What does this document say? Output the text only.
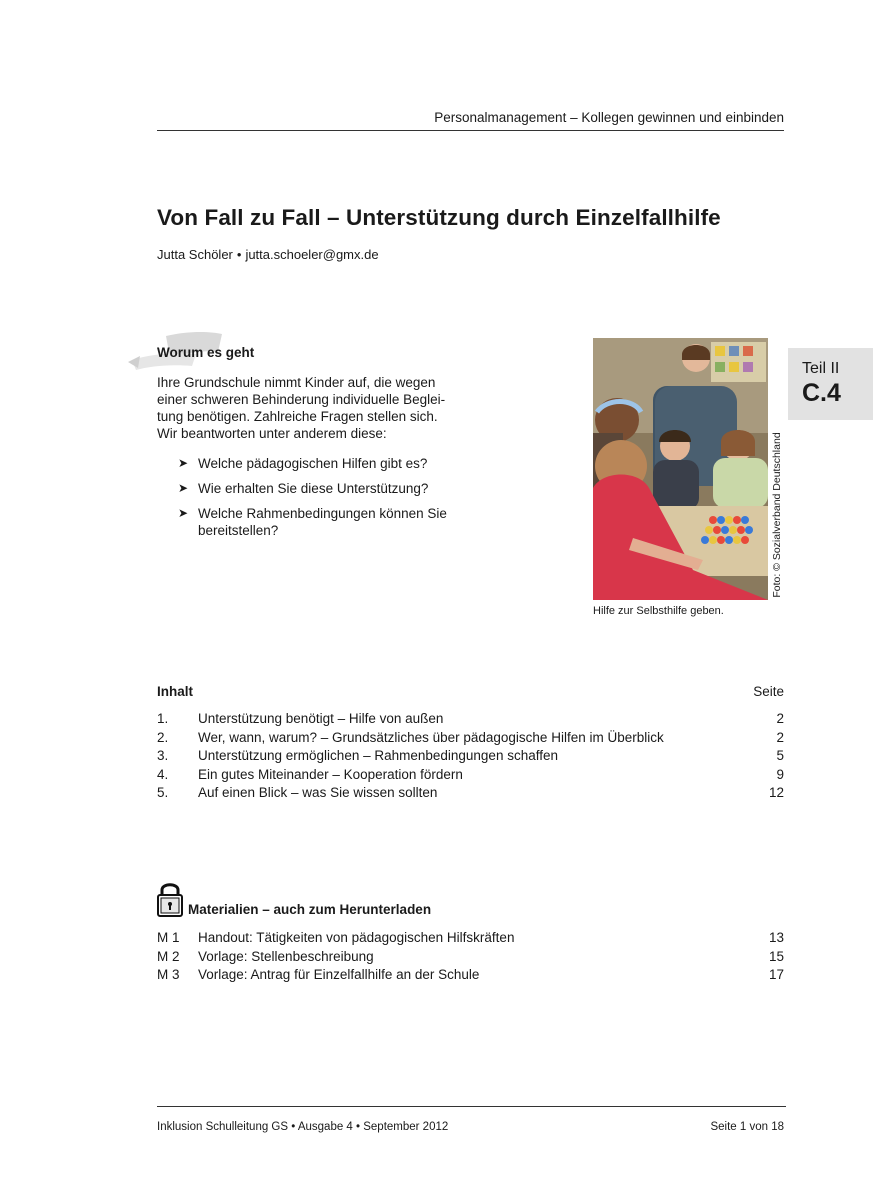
Personalmanagement – Kollegen gewinnen und einbinden
Von Fall zu Fall – Unterstützung durch Einzelfallhilfe
Jutta Schöler • jutta.schoeler@gmx.de
Teil II
C.4
Worum es geht
Ihre Grundschule nimmt Kinder auf, die wegen einer schweren Behinderung individuelle Beglei-tung benötigen. Zahlreiche Fragen stellen sich. Wir beantworten unter anderem diese:
➤ Welche pädagogischen Hilfen gibt es?
➤ Wie erhalten Sie diese Unterstützung?
➤ Welche Rahmenbedingungen können Sie bereitstellen?	Foto: © Sozialverband Deutschland
Hilfe zur Selbsthilfe geben.
Inhalt	Seite
1. Unterstützung benötigt – Hilfe von außen	2
2. Wer, wann, warum? – Grundsätzliches über pädagogische Hilfen im Überblick	2
3. Unterstützung ermöglichen – Rahmenbedingungen schaffen	5
4. Ein gutes Miteinander – Kooperation fördern	9
5. Auf einen Blick – was Sie wissen sollten	12
Materialien – auch zum Herunterladen
M 1 Handout: Tätigkeiten von pädagogischen Hilfskräften	13
M 2 Vorlage: Stellenbeschreibung	15
M 3 Vorlage: Antrag für Einzelfallhilfe an der Schule	17
Inklusion Schulleitung GS • Ausgabe 4 • September 2012	Seite 1 von 18
